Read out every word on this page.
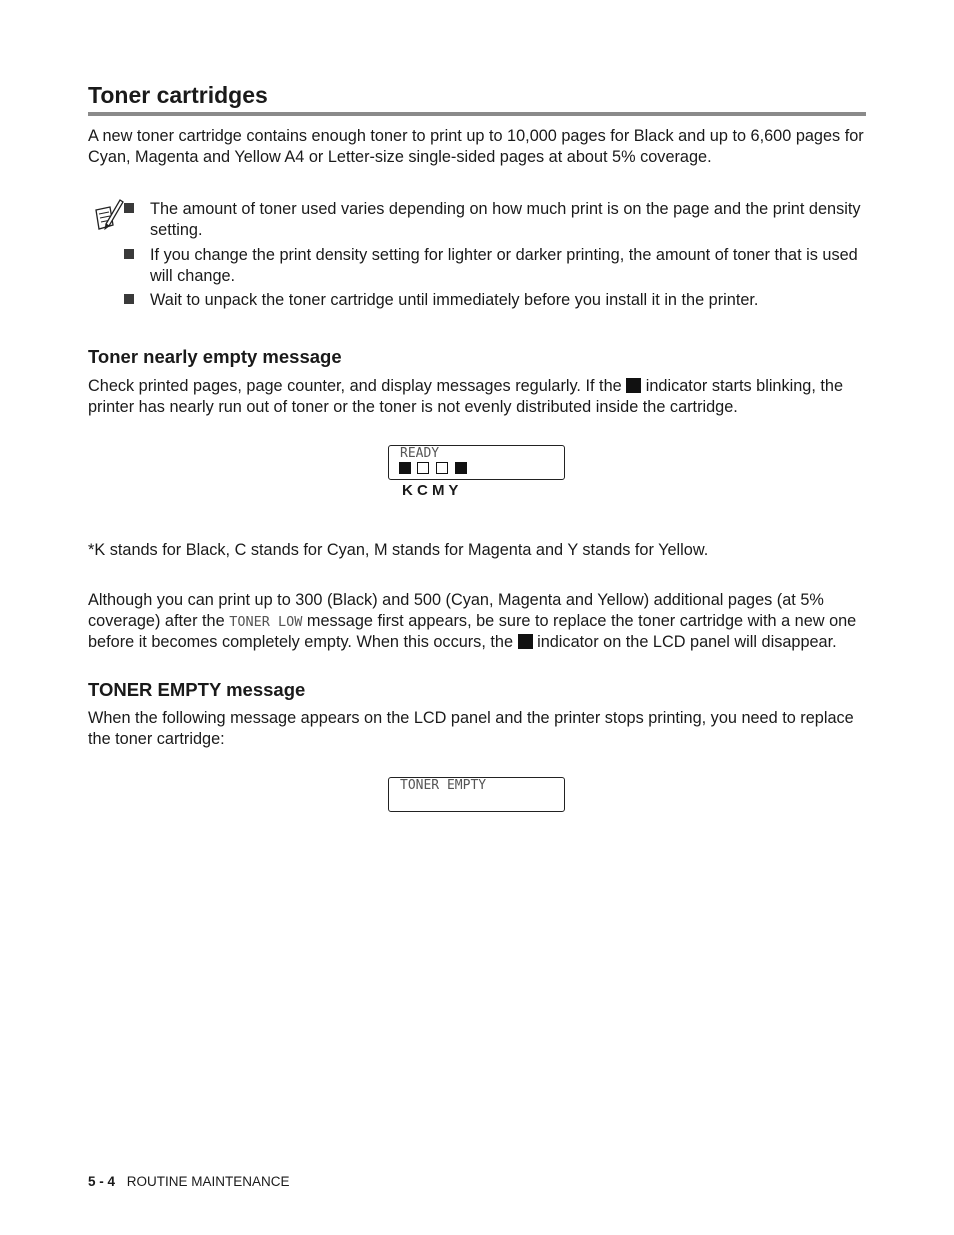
Toner cartridges

A new toner cartridge contains enough toner to print up to 10,000 pages for Black and up to 6,600 pages for Cyan, Magenta and Yellow A4 or Letter-size single-sided pages at about 5% coverage.

The amount of toner used varies depending on how much print is on the page and the print density setting.

If you change the print density setting for lighter or darker printing, the amount of toner that is used will change.

Wait to unpack the toner cartridge until immediately before you install it in the printer.

Toner nearly empty message

Check printed pages, page counter, and display messages regularly. If the indicator starts blinking, the printer has nearly run out of toner or the toner is not evenly distributed inside the cartridge.

READY
K C M Y

*K stands for Black, C stands for Cyan, M stands for Magenta and Y stands for Yellow.

Although you can print up to 300 (Black) and 500 (Cyan, Magenta and Yellow) additional pages (at 5% coverage) after the TONER LOW message first appears, be sure to replace the toner cartridge with a new one before it becomes completely empty. When this occurs, the indicator on the LCD panel will disappear.

TONER EMPTY message

When the following message appears on the LCD panel and the printer stops printing, you need to replace the toner cartridge:

TONER EMPTY
5 - 4 ROUTINE MAINTENANCE
